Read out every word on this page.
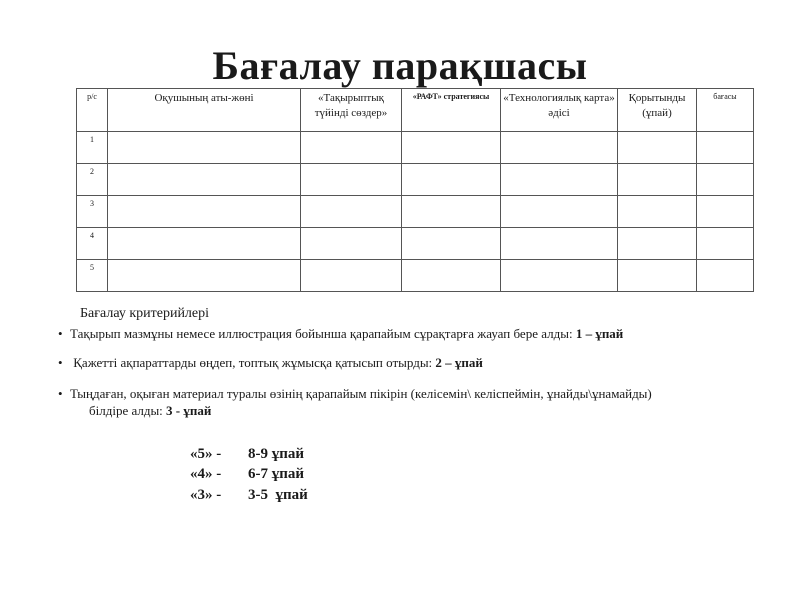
Бағалау парақшасы
р/с	Оқушының аты-жөні	«Тақырыптық түйінді сөздер»	«РАФТ» стратегиясы	«Технологиялық карта» әдісі	Қорытынды (ұпай)	бағасы
1						
2						
3						
4						
5						
Бағалау критерийлері
• Тақырып мазмұны немесе иллюстрация бойынша қарапайым сұрақтарға жауап бере алды: 1 – ұпай
• Қажетті ақпараттарды өңдеп, топтық жұмысқа қатысып отырды: 2 – ұпай
• Тыңдаған, оқыған материал туралы өзінің қарапайым пікірін (келісемін\ келіспеймін, ұнайды\ұнамайды)
білдіре алды: 3 - ұпай
«5» - 8-9 ұпай
«4» - 6-7 ұпай
«3» - 3-5  ұпай
